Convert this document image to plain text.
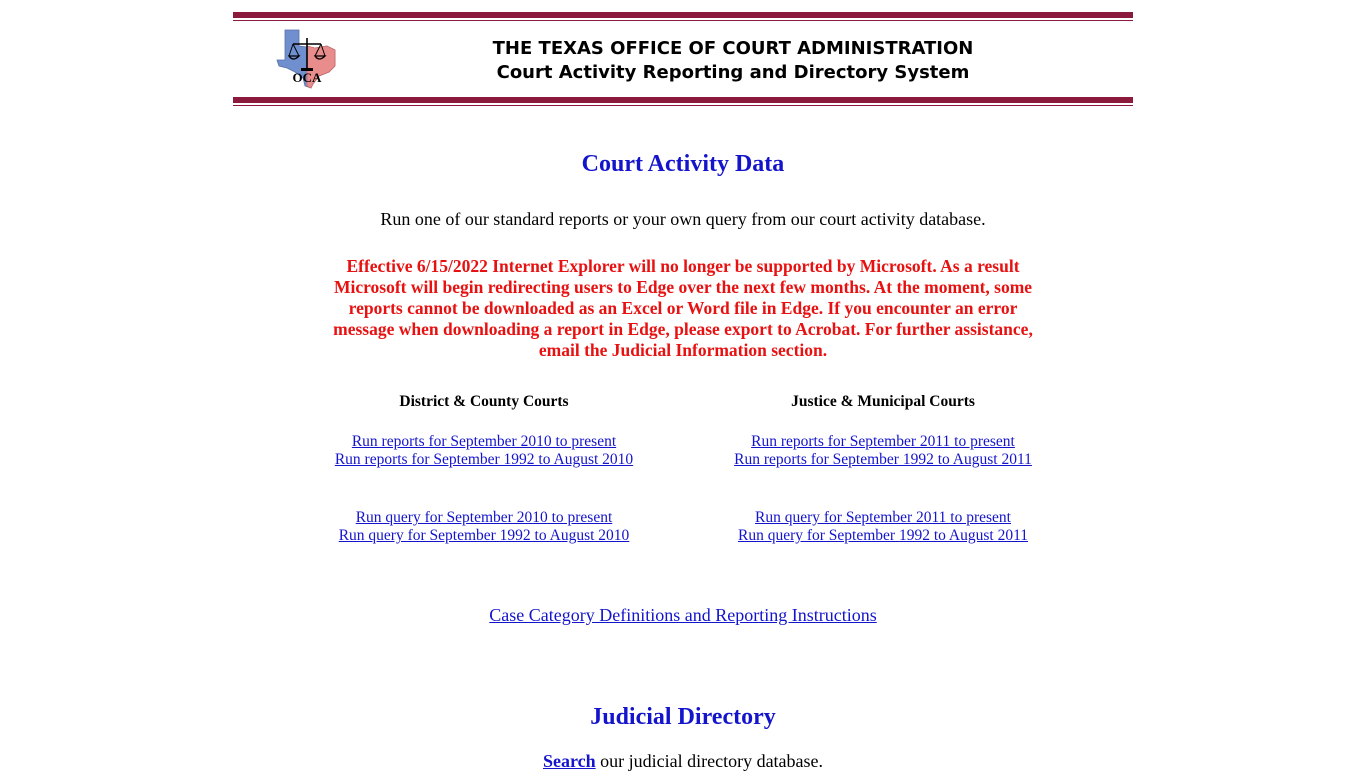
OCA
THE TEXAS OFFICE OF COURT ADMINISTRATION
Court Activity Reporting and Directory System
Court Activity Data
Run one of our standard reports or your own query from our court activity database.
Effective 6/15/2022 Internet Explorer will no longer be supported by Microsoft. As a result Microsoft will begin redirecting users to Edge over the next few months. At the moment, some reports cannot be downloaded as an Excel or Word file in Edge. If you encounter an error message when downloading a report in Edge, please export to Acrobat. For further assistance, email the Judicial Information section.
District & County Courts
Run reports for September 2010 to present
Run reports for September 1992 to August 2010
Run query for September 2010 to present
Run query for September 1992 to August 2010
Justice & Municipal Courts
Run reports for September 2011 to present
Run reports for September 1992 to August 2011
Run query for September 2011 to present
Run query for September 1992 to August 2011
Case Category Definitions and Reporting Instructions
Judicial Directory
Search our judicial directory database.
